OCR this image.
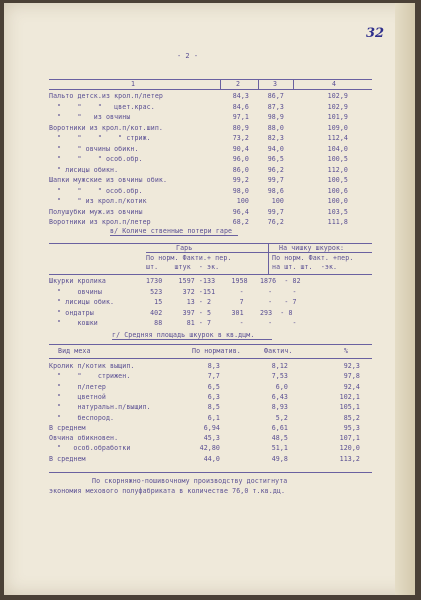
32
- 2 -
1	2	3	4
Пальто детск.из крол.п/летер	84,3	86,7	102,9
"    "    "   цвет.крас.	84,6	87,3	102,9
"    "   из овчины	97,1	98,9	101,9
Воротники из крол.п/кот.шип.	80,9	88,0	109,0
"    "    "    " стриж.	73,2	82,3	112,4
"    " овчины обикн.	90,4	94,0	104,0
"    "    " ocoб.обр.	96,0	96,5	100,5
" лисицы обикн.	86,0	96,2	112,0
Шапки мужские из овчины обик.	99,2	99,7	100,5
"    "    " ocoб.обр.	98,0	98,6	100,6
"    " из крол.п/котик	100	100	100,0
Полушубки муж.из овчины	96,4	99,7	103,5
Воротники из крол.п/летер	68,2	76,2	111,8
в/ Количе ственные потери гаре
Гарь	На чишку шкурок:
По норм. Факти.+ пер.	По норм. Факт. +пер.
шт.    штук  - эк.	на шт. шт.  -эк.
Шкурки кролика	1730    1597 -133    1958   1876  - 82
"    овчины	523     372 -151      -      -     -
" лисицы обик.	15      13 - 2       7      -   - 7
" ондатры	402     397 - 5     301    293  - 8
"    кошки	88      81 - 7       -      -     -
г/ Средняя площадь шкурок в кв.дцм.
Вид меха	По норматив.	Фактич.	%
Кролик п/котик выщип.	8,3	8,12	92,3
"    "    стрижен.	7,7	7,53	97,8
"    п/летер	6,5	6,0	92,4
"    цветной	6,3	6,43	102,1
"    натуральн.п/выщип.	8,5	8,93	105,1
"    беспород.	6,1	5,2	85,2
В среднем	6,94	6,61	95,3
Овчина обикновен.	45,3	48,5	107,1
"   ocoб.обработки	42,80	51,1	120,0
В среднем	44,0	49,8	113,2
По скорняжно-пошивочному производству достигнута
экономия мехового полуфабриката в количестве 76,0 т.кв.дц.
